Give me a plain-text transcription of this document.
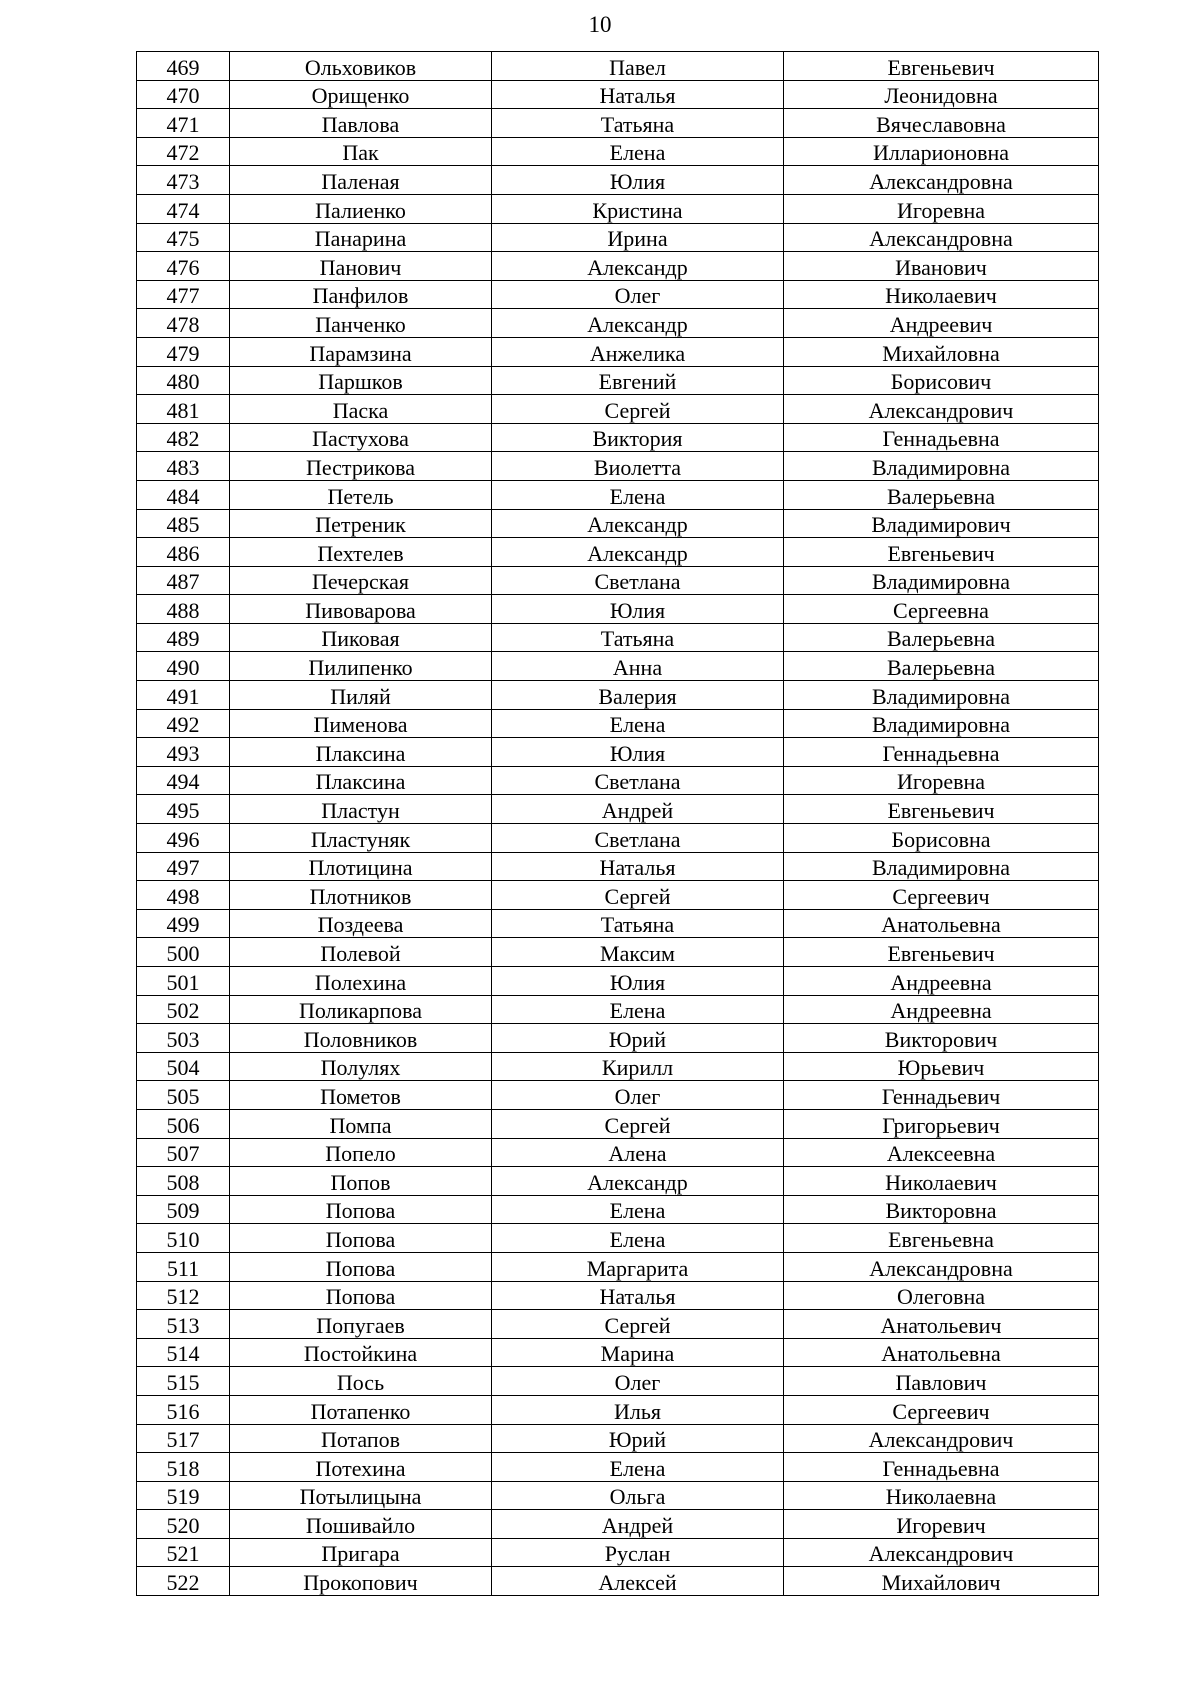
10
469	Ольховиков	Павел	Евгеньевич
470	Орищенко	Наталья	Леонидовна
471	Павлова	Татьяна	Вячеславовна
472	Пак	Елена	Илларионовна
473	Паленая	Юлия	Александровна
474	Палиенко	Кристина	Игоревна
475	Панарина	Ирина	Александровна
476	Панович	Александр	Иванович
477	Панфилов	Олег	Николаевич
478	Панченко	Александр	Андреевич
479	Парамзина	Анжелика	Михайловна
480	Паршков	Евгений	Борисович
481	Паска	Сергей	Александрович
482	Пастухова	Виктория	Геннадьевна
483	Пестрикова	Виолетта	Владимировна
484	Петель	Елена	Валерьевна
485	Петреник	Александр	Владимирович
486	Пехтелев	Александр	Евгеньевич
487	Печерская	Светлана	Владимировна
488	Пивоварова	Юлия	Сергеевна
489	Пиковая	Татьяна	Валерьевна
490	Пилипенко	Анна	Валерьевна
491	Пиляй	Валерия	Владимировна
492	Пименова	Елена	Владимировна
493	Плаксина	Юлия	Геннадьевна
494	Плаксина	Светлана	Игоревна
495	Пластун	Андрей	Евгеньевич
496	Пластуняк	Светлана	Борисовна
497	Плотицина	Наталья	Владимировна
498	Плотников	Сергей	Сергеевич
499	Поздеева	Татьяна	Анатольевна
500	Полевой	Максим	Евгеньевич
501	Полехина	Юлия	Андреевна
502	Поликарпова	Елена	Андреевна
503	Половников	Юрий	Викторович
504	Полулях	Кирилл	Юрьевич
505	Пометов	Олег	Геннадьевич
506	Помпа	Сергей	Григорьевич
507	Попело	Алена	Алексеевна
508	Попов	Александр	Николаевич
509	Попова	Елена	Викторовна
510	Попова	Елена	Евгеньевна
511	Попова	Маргарита	Александровна
512	Попова	Наталья	Олеговна
513	Попугаев	Сергей	Анатольевич
514	Постойкина	Марина	Анатольевна
515	Пось	Олег	Павлович
516	Потапенко	Илья	Сергеевич
517	Потапов	Юрий	Александрович
518	Потехина	Елена	Геннадьевна
519	Потылицына	Ольга	Николаевна
520	Пошивайло	Андрей	Игоревич
521	Пригара	Руслан	Александрович
522	Прокопович	Алексей	Михайлович
